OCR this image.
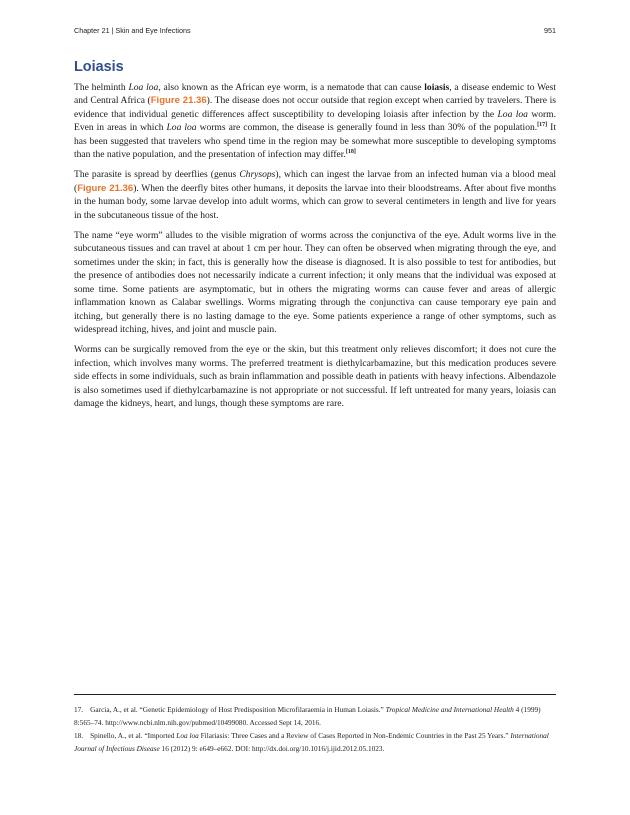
Chapter 21 | Skin and Eye Infections	951
Loiasis

The helminth Loa loa, also known as the African eye worm, is a nematode that can cause loiasis, a disease endemic to West and Central Africa (Figure 21.36). The disease does not occur outside that region except when carried by travelers. There is evidence that individual genetic differences affect susceptibility to developing loiasis after infection by the Loa loa worm. Even in areas in which Loa loa worms are common, the disease is generally found in less than 30% of the population.[17] It has been suggested that travelers who spend time in the region may be somewhat more susceptible to developing symptoms than the native population, and the presentation of infection may differ.[18]

The parasite is spread by deerflies (genus Chrysops), which can ingest the larvae from an infected human via a blood meal (Figure 21.36). When the deerfly bites other humans, it deposits the larvae into their bloodstreams. After about five months in the human body, some larvae develop into adult worms, which can grow to several centimeters in length and live for years in the subcutaneous tissue of the host.

The name “eye worm” alludes to the visible migration of worms across the conjunctiva of the eye. Adult worms live in the subcutaneous tissues and can travel at about 1 cm per hour. They can often be observed when migrating through the eye, and sometimes under the skin; in fact, this is generally how the disease is diagnosed. It is also possible to test for antibodies, but the presence of antibodies does not necessarily indicate a current infection; it only means that the individual was exposed at some time. Some patients are asymptomatic, but in others the migrating worms can cause fever and areas of allergic inflammation known as Calabar swellings. Worms migrating through the conjunctiva can cause temporary eye pain and itching, but generally there is no lasting damage to the eye. Some patients experience a range of other symptoms, such as widespread itching, hives, and joint and muscle pain.

Worms can be surgically removed from the eye or the skin, but this treatment only relieves discomfort; it does not cure the infection, which involves many worms. The preferred treatment is diethylcarbamazine, but this medication produces severe side effects in some individuals, such as brain inflammation and possible death in patients with heavy infections. Albendazole is also sometimes used if diethylcarbamazine is not appropriate or not successful. If left untreated for many years, loiasis can damage the kidneys, heart, and lungs, though these symptoms are rare.

17. Garcia, A., et al. “Genetic Epidemiology of Host Predisposition Microfilaraemia in Human Loiasis.” Tropical Medicine and International Health 4 (1999) 8:565–74. http://www.ncbi.nlm.nih.gov/pubmed/10499080. Accessed Sept 14, 2016.
18. Spinello, A., et al. “Imported Loa loa Filariasis: Three Cases and a Review of Cases Reported in Non-Endemic Countries in the Past 25 Years.” International Journal of Infectious Disease 16 (2012) 9: e649–e662. DOI: http://dx.doi.org/10.1016/j.ijid.2012.05.1023.
